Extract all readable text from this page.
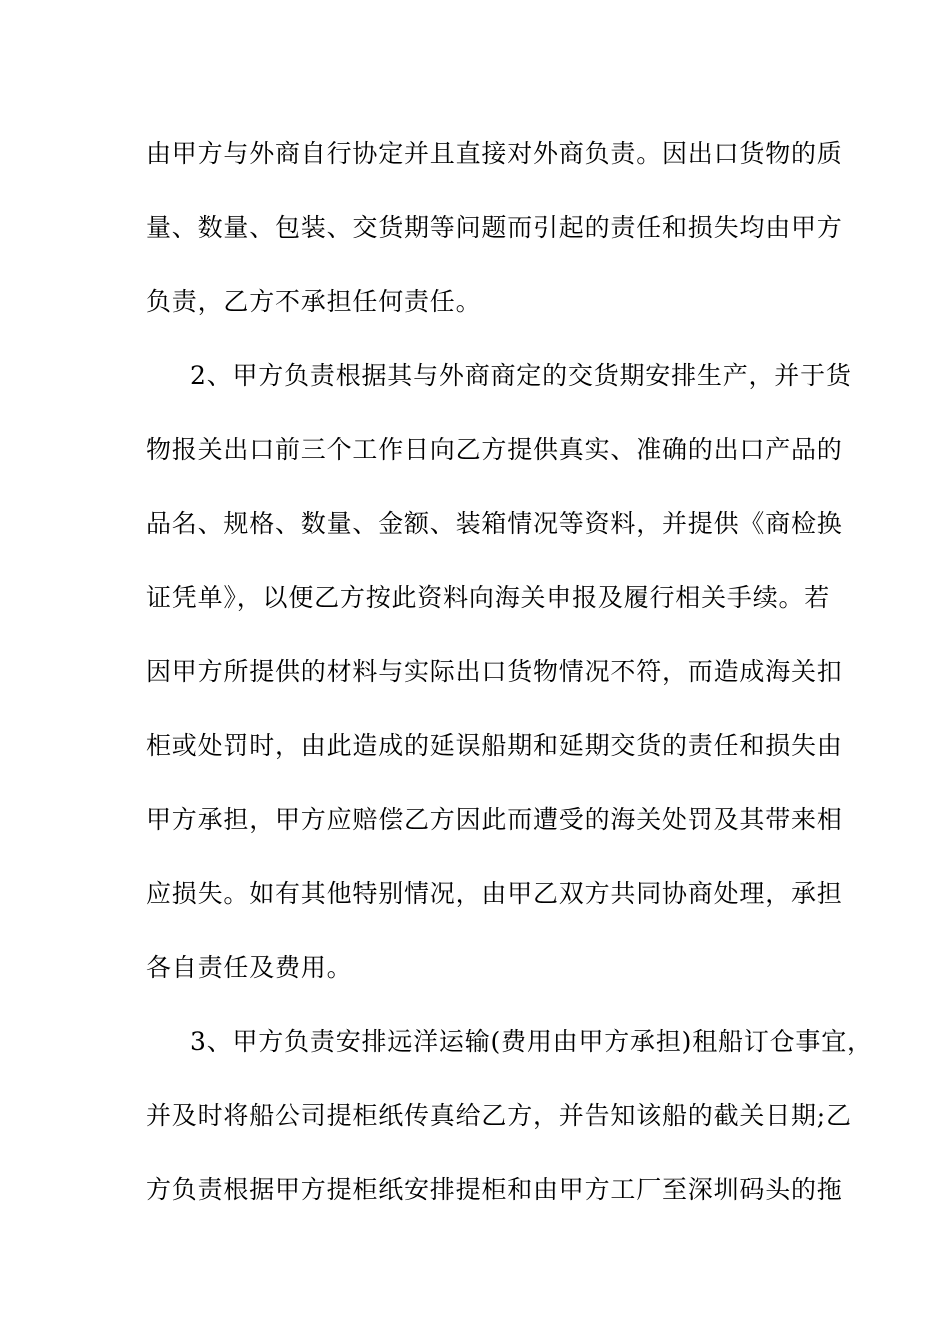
由甲方与外商自行协定并且直接对外商负责。因出口货物的质
量、数量、包装、交货期等问题而引起的责任和损失均由甲方
负责，乙方不承担任何责任。
2、甲方负责根据其与外商商定的交货期安排生产，并于货
物报关出口前三个工作日向乙方提供真实、准确的出口产品的
品名、规格、数量、金额、装箱情况等资料，并提供《商检换
证凭单》，以便乙方按此资料向海关申报及履行相关手续。若
因甲方所提供的材料与实际出口货物情况不符，而造成海关扣
柜或处罚时，由此造成的延误船期和延期交货的责任和损失由
甲方承担，甲方应赔偿乙方因此而遭受的海关处罚及其带来相
应损失。如有其他特别情况，由甲乙双方共同协商处理，承担
各自责任及费用。
3、甲方负责安排远洋运输(费用由甲方承担)租船订仓事宜，
并及时将船公司提柜纸传真给乙方，并告知该船的截关日期;乙
方负责根据甲方提柜纸安排提柜和由甲方工厂至深圳码头的拖
